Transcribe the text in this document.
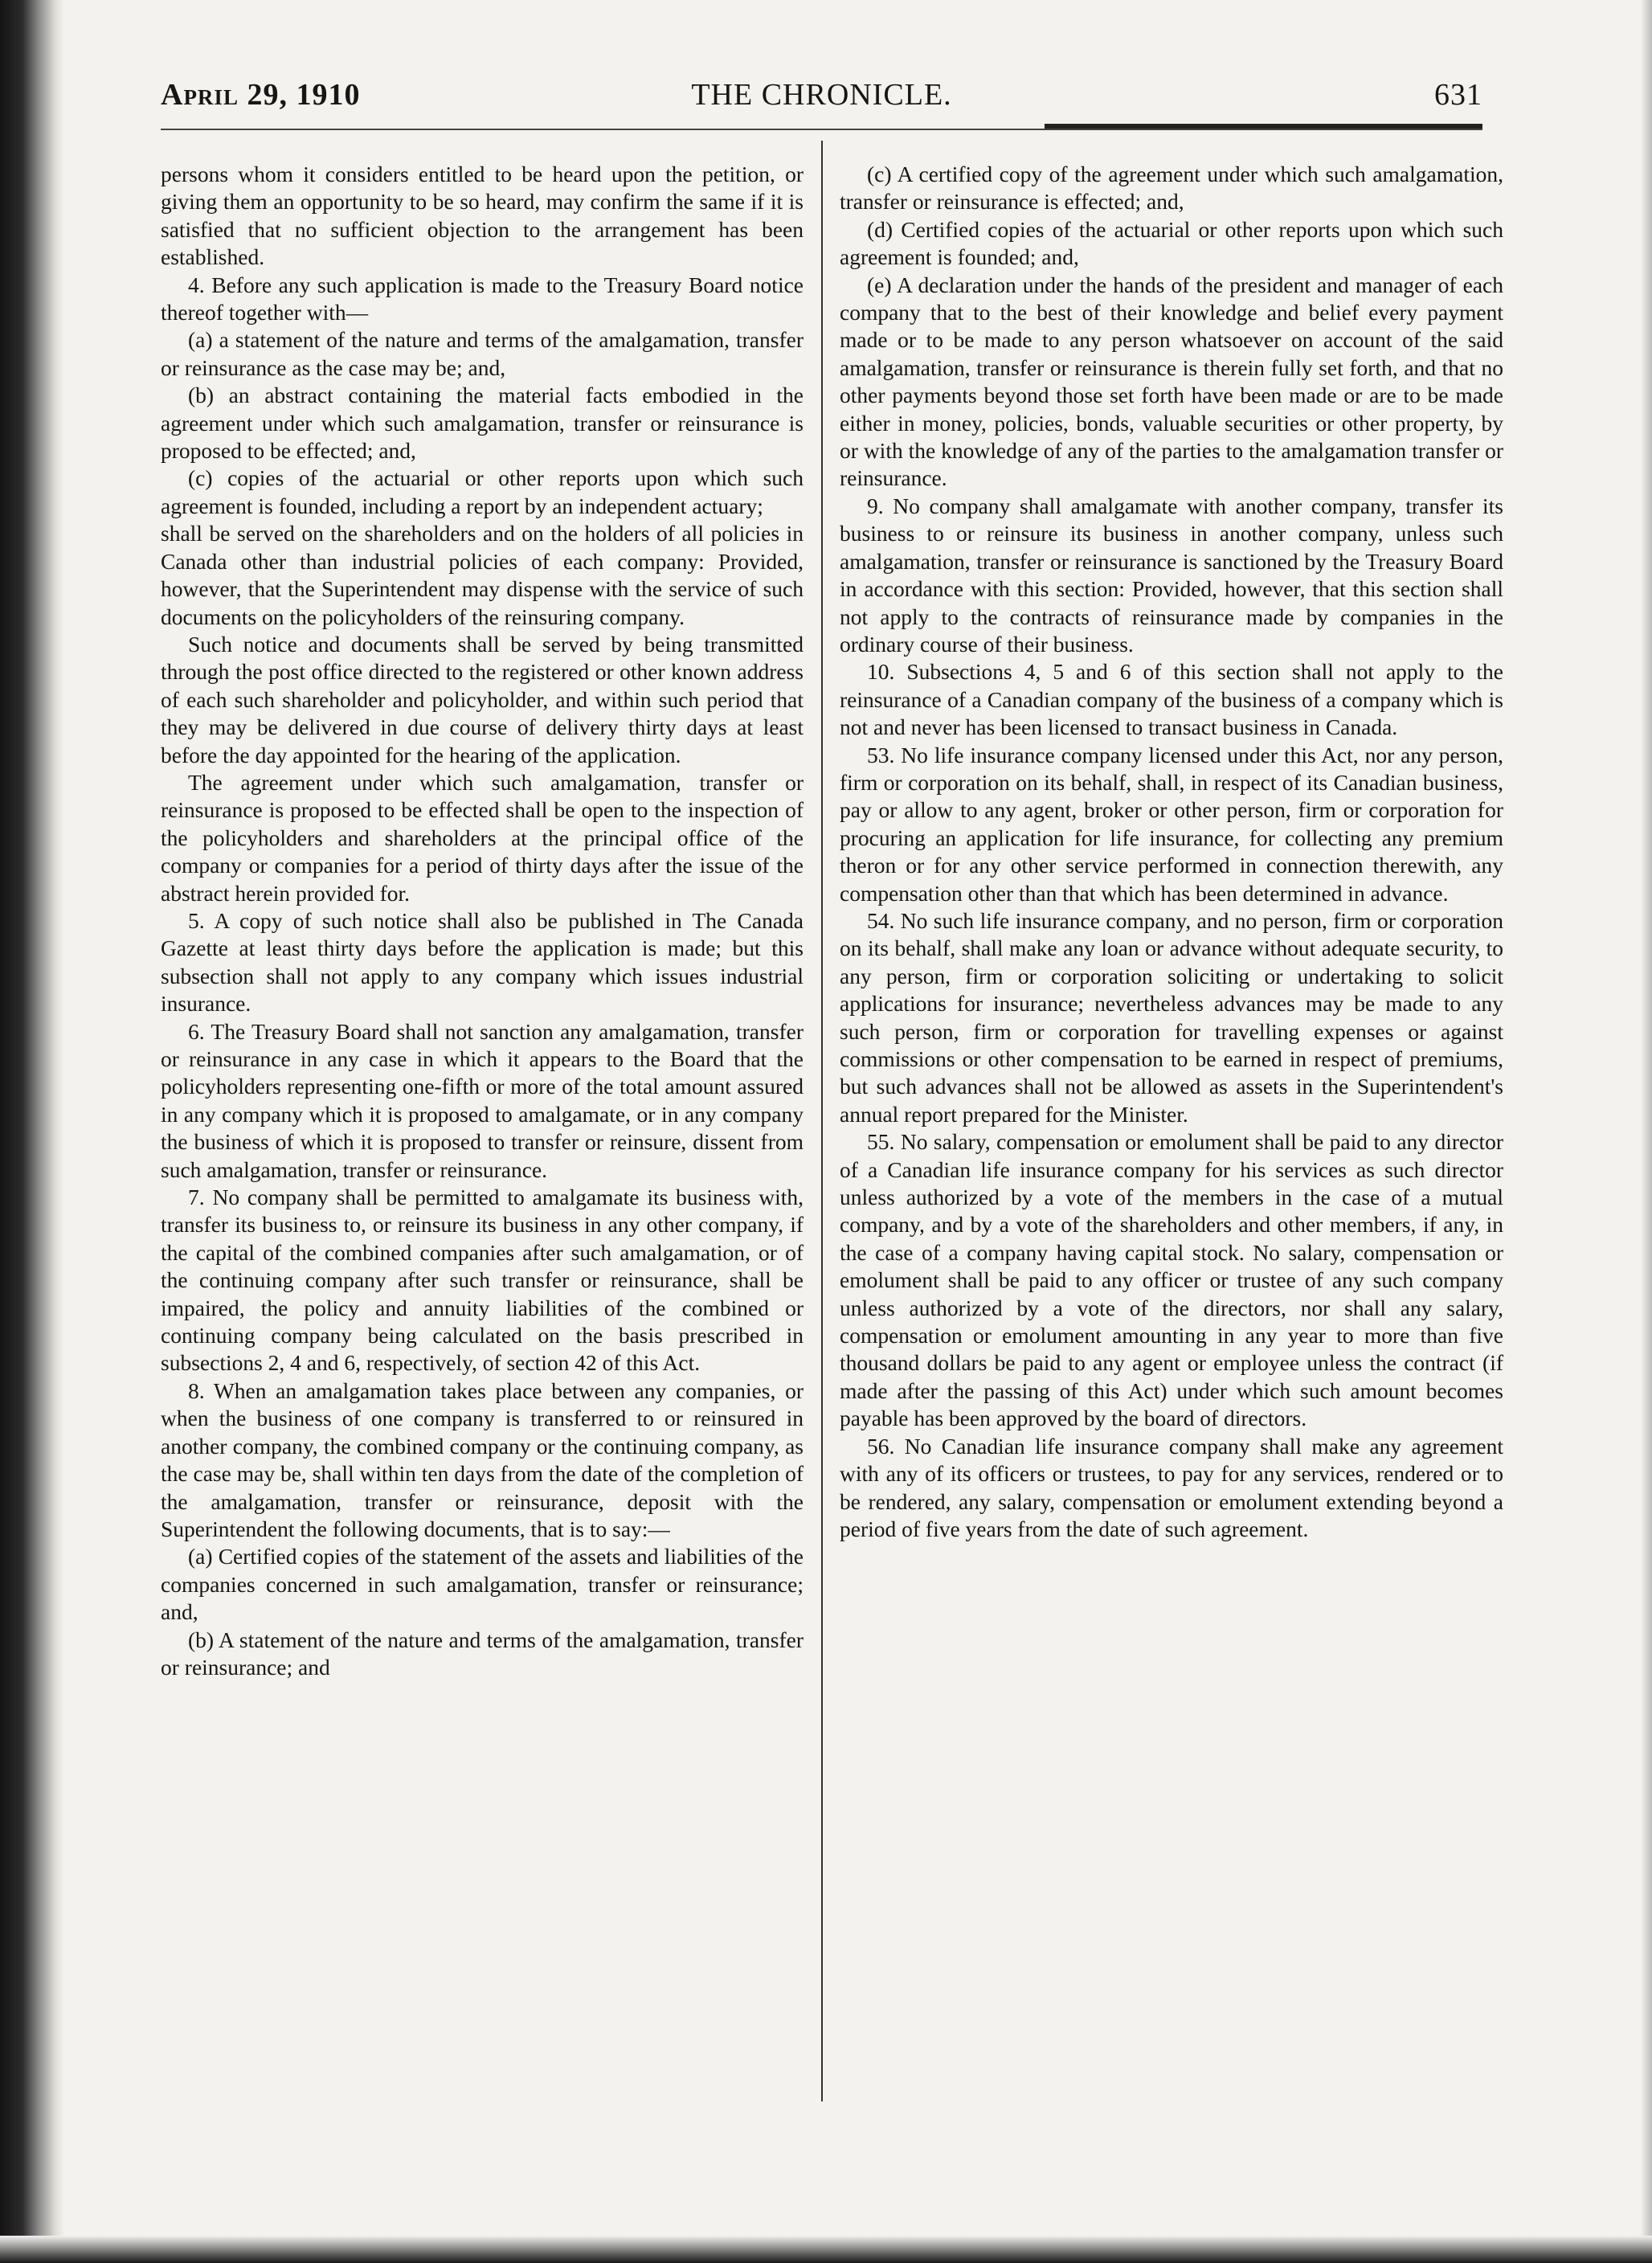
April 29, 1910	THE CHRONICLE.	631

persons whom it considers entitled to be heard upon the petition, or giving them an opportunity to be so heard, may confirm the same if it is satisfied that no sufficient objection to the arrangement has been established.

4. Before any such application is made to the Treasury Board notice thereof together with—

(a) a statement of the nature and terms of the amalgamation, transfer or reinsurance as the case may be; and,

(b) an abstract containing the material facts embodied in the agreement under which such amalgamation, transfer or reinsurance is proposed to be effected; and,

(c) copies of the actuarial or other reports upon which such agreement is founded, including a report by an independent actuary;

shall be served on the shareholders and on the holders of all policies in Canada other than industrial policies of each company: Provided, however, that the Superintendent may dispense with the service of such documents on the policyholders of the reinsuring company.

Such notice and documents shall be served by being transmitted through the post office directed to the registered or other known address of each such shareholder and policyholder, and within such period that they may be delivered in due course of delivery thirty days at least before the day appointed for the hearing of the application.

The agreement under which such amalgamation, transfer or reinsurance is proposed to be effected shall be open to the inspection of the policyholders and shareholders at the principal office of the company or companies for a period of thirty days after the issue of the abstract herein provided for.

5. A copy of such notice shall also be published in The Canada Gazette at least thirty days before the application is made; but this subsection shall not apply to any company which issues industrial insurance.

6. The Treasury Board shall not sanction any amalgamation, transfer or reinsurance in any case in which it appears to the Board that the policyholders representing one-fifth or more of the total amount assured in any company which it is proposed to amalgamate, or in any company the business of which it is proposed to transfer or reinsure, dissent from such amalgamation, transfer or reinsurance.

7. No company shall be permitted to amalgamate its business with, transfer its business to, or reinsure its business in any other company, if the capital of the combined companies after such amalgamation, or of the continuing company after such transfer or reinsurance, shall be impaired, the policy and annuity liabilities of the combined or continuing company being calculated on the basis prescribed in subsections 2, 4 and 6, respectively, of section 42 of this Act.

8. When an amalgamation takes place between any companies, or when the business of one company is transferred to or reinsured in another company, the combined company or the continuing company, as the case may be, shall within ten days from the date of the completion of the amalgamation, transfer or reinsurance, deposit with the Superintendent the following documents, that is to say:—

(a) Certified copies of the statement of the assets and liabilities of the companies concerned in such amalgamation, transfer or reinsurance; and,

(b) A statement of the nature and terms of the amalgamation, transfer or reinsurance; and

(c) A certified copy of the agreement under which such amalgamation, transfer or reinsurance is effected; and,

(d) Certified copies of the actuarial or other reports upon which such agreement is founded; and,

(e) A declaration under the hands of the president and manager of each company that to the best of their knowledge and belief every payment made or to be made to any person whatsoever on account of the said amalgamation, transfer or reinsurance is therein fully set forth, and that no other payments beyond those set forth have been made or are to be made either in money, policies, bonds, valuable securities or other property, by or with the knowledge of any of the parties to the amalgamation transfer or reinsurance.

9. No company shall amalgamate with another company, transfer its business to or reinsure its business in another company, unless such amalgamation, transfer or reinsurance is sanctioned by the Treasury Board in accordance with this section: Provided, however, that this section shall not apply to the contracts of reinsurance made by companies in the ordinary course of their business.

10. Subsections 4, 5 and 6 of this section shall not apply to the reinsurance of a Canadian company of the business of a company which is not and never has been licensed to transact business in Canada.

53. No life insurance company licensed under this Act, nor any person, firm or corporation on its behalf, shall, in respect of its Canadian business, pay or allow to any agent, broker or other person, firm or corporation for procuring an application for life insurance, for collecting any premium theron or for any other service performed in connection therewith, any compensation other than that which has been determined in advance.

54. No such life insurance company, and no person, firm or corporation on its behalf, shall make any loan or advance without adequate security, to any person, firm or corporation soliciting or undertaking to solicit applications for insurance; nevertheless advances may be made to any such person, firm or corporation for travelling expenses or against commissions or other compensation to be earned in respect of premiums, but such advances shall not be allowed as assets in the Superintendent's annual report prepared for the Minister.

55. No salary, compensation or emolument shall be paid to any director of a Canadian life insurance company for his services as such director unless authorized by a vote of the members in the case of a mutual company, and by a vote of the shareholders and other members, if any, in the case of a company having capital stock. No salary, compensation or emolument shall be paid to any officer or trustee of any such company unless authorized by a vote of the directors, nor shall any salary, compensation or emolument amounting in any year to more than five thousand dollars be paid to any agent or employee unless the contract (if made after the passing of this Act) under which such amount becomes payable has been approved by the board of directors.

56. No Canadian life insurance company shall make any agreement with any of its officers or trustees, to pay for any services, rendered or to be rendered, any salary, compensation or emolument extending beyond a period of five years from the date of such agreement.
